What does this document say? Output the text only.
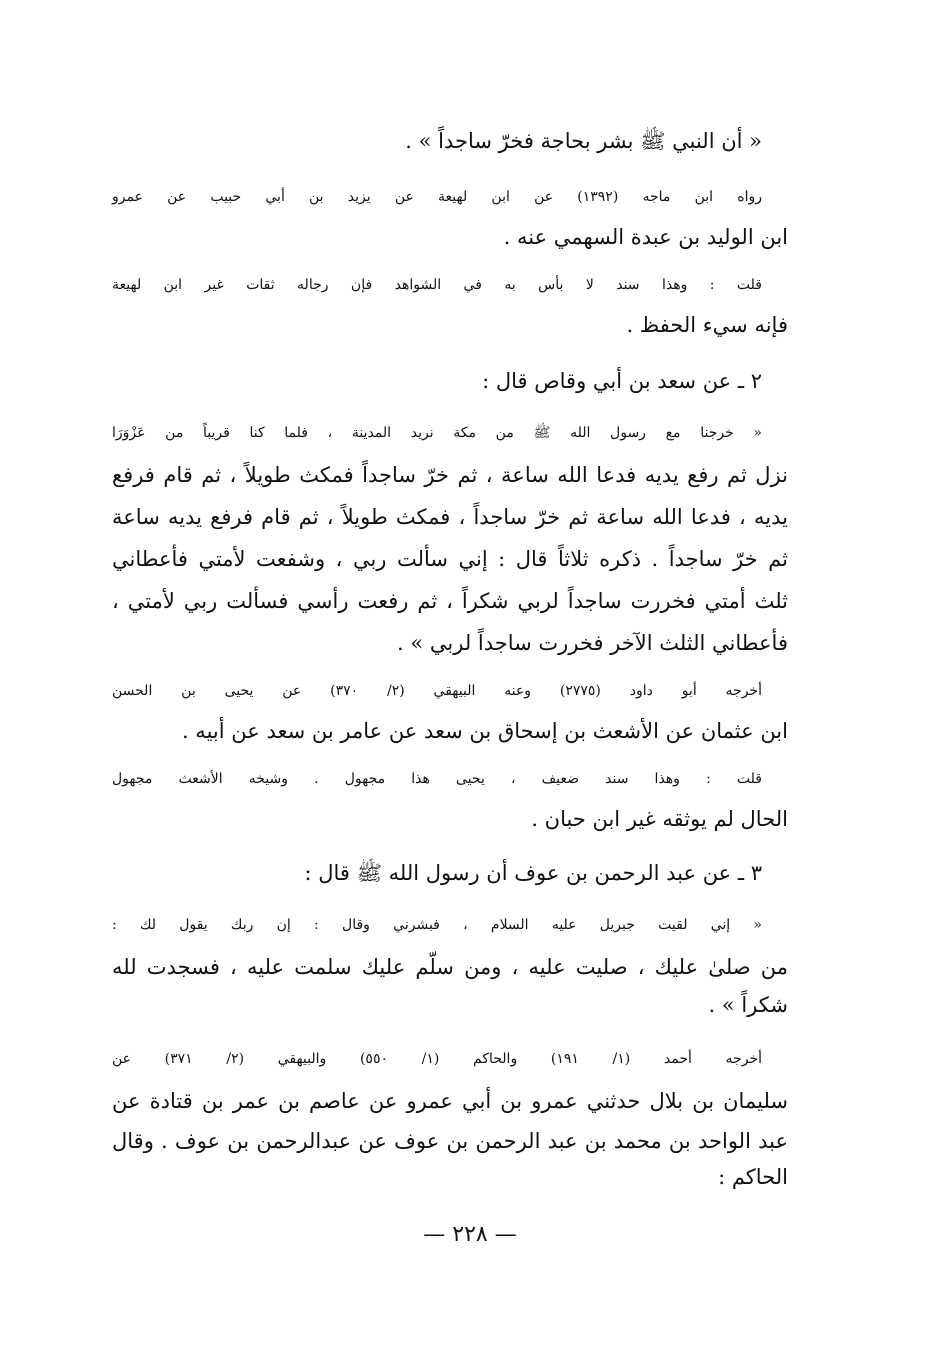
« أن النبي ﷺ بشر بحاجة فخرّ ساجداً » .
رواه ابن ماجه (١٣٩٢) عن ابن لهيعة عن يزيد بن أبي حبيب عن عمرو
ابن الوليد بن عبدة السهمي عنه .
قلت : وهذا سند لا بأس به في الشواهد فإن رجاله ثقات غير ابن لهيعة
فإنه سيء الحفظ .
٢ ـ عن سعد بن أبي وقاص قال :
« خرجنا مع رسول الله ﷺ من مكة نريد المدينة ، فلما كنا قريباً من عَزْوَرَا
نزل ثم رفع يديه فدعا الله ساعة ، ثم خرّ ساجداً فمكث طويلاً ، ثم قام فرفع
يديه ، فدعا الله ساعة ثم خرّ ساجداً ، فمكث طويلاً ، ثم قام فرفع يديه ساعة
ثم خرّ ساجداً . ذكره ثلاثاً قال : إني سألت ربي ، وشفعت لأمتي فأعطاني
ثلث أمتي فخررت ساجداً لربي شكراً ، ثم رفعت رأسي فسألت ربي لأمتي ،
فأعطاني الثلث الآخر فخررت ساجداً لربي » .
أخرجه أبو داود (٢٧٧٥) وعنه البيهقي (٢/ ٣٧٠) عن يحيى بن الحسن
ابن عثمان عن الأشعث بن إسحاق بن سعد عن عامر بن سعد عن أبيه .
قلت : وهذا سند ضعيف ، يحيى هذا مجهول . وشيخه الأشعث مجهول
الحال لم يوثقه غير ابن حبان .
٣ ـ عن عبد الرحمن بن عوف أن رسول الله ﷺ قال :
« إني لقيت جبريل عليه السلام ، فبشرني وقال : إن ربك يقول لك :
من صلىٰ عليك ، صليت عليه ، ومن سلّم عليك سلمت عليه ، فسجدت لله
شكراً » .
أخرجه أحمد (١/ ١٩١) والحاكم (١/ ٥٥٠) والبيهقي (٢/ ٣٧١) عن
سليمان بن بلال حدثني عمرو بن أبي عمرو عن عاصم بن عمر بن قتادة عن
عبد الواحد بن محمد بن عبد الرحمن بن عوف عن عبدالرحمن بن عوف . وقال
الحاكم :
— ٢٢٨ —
